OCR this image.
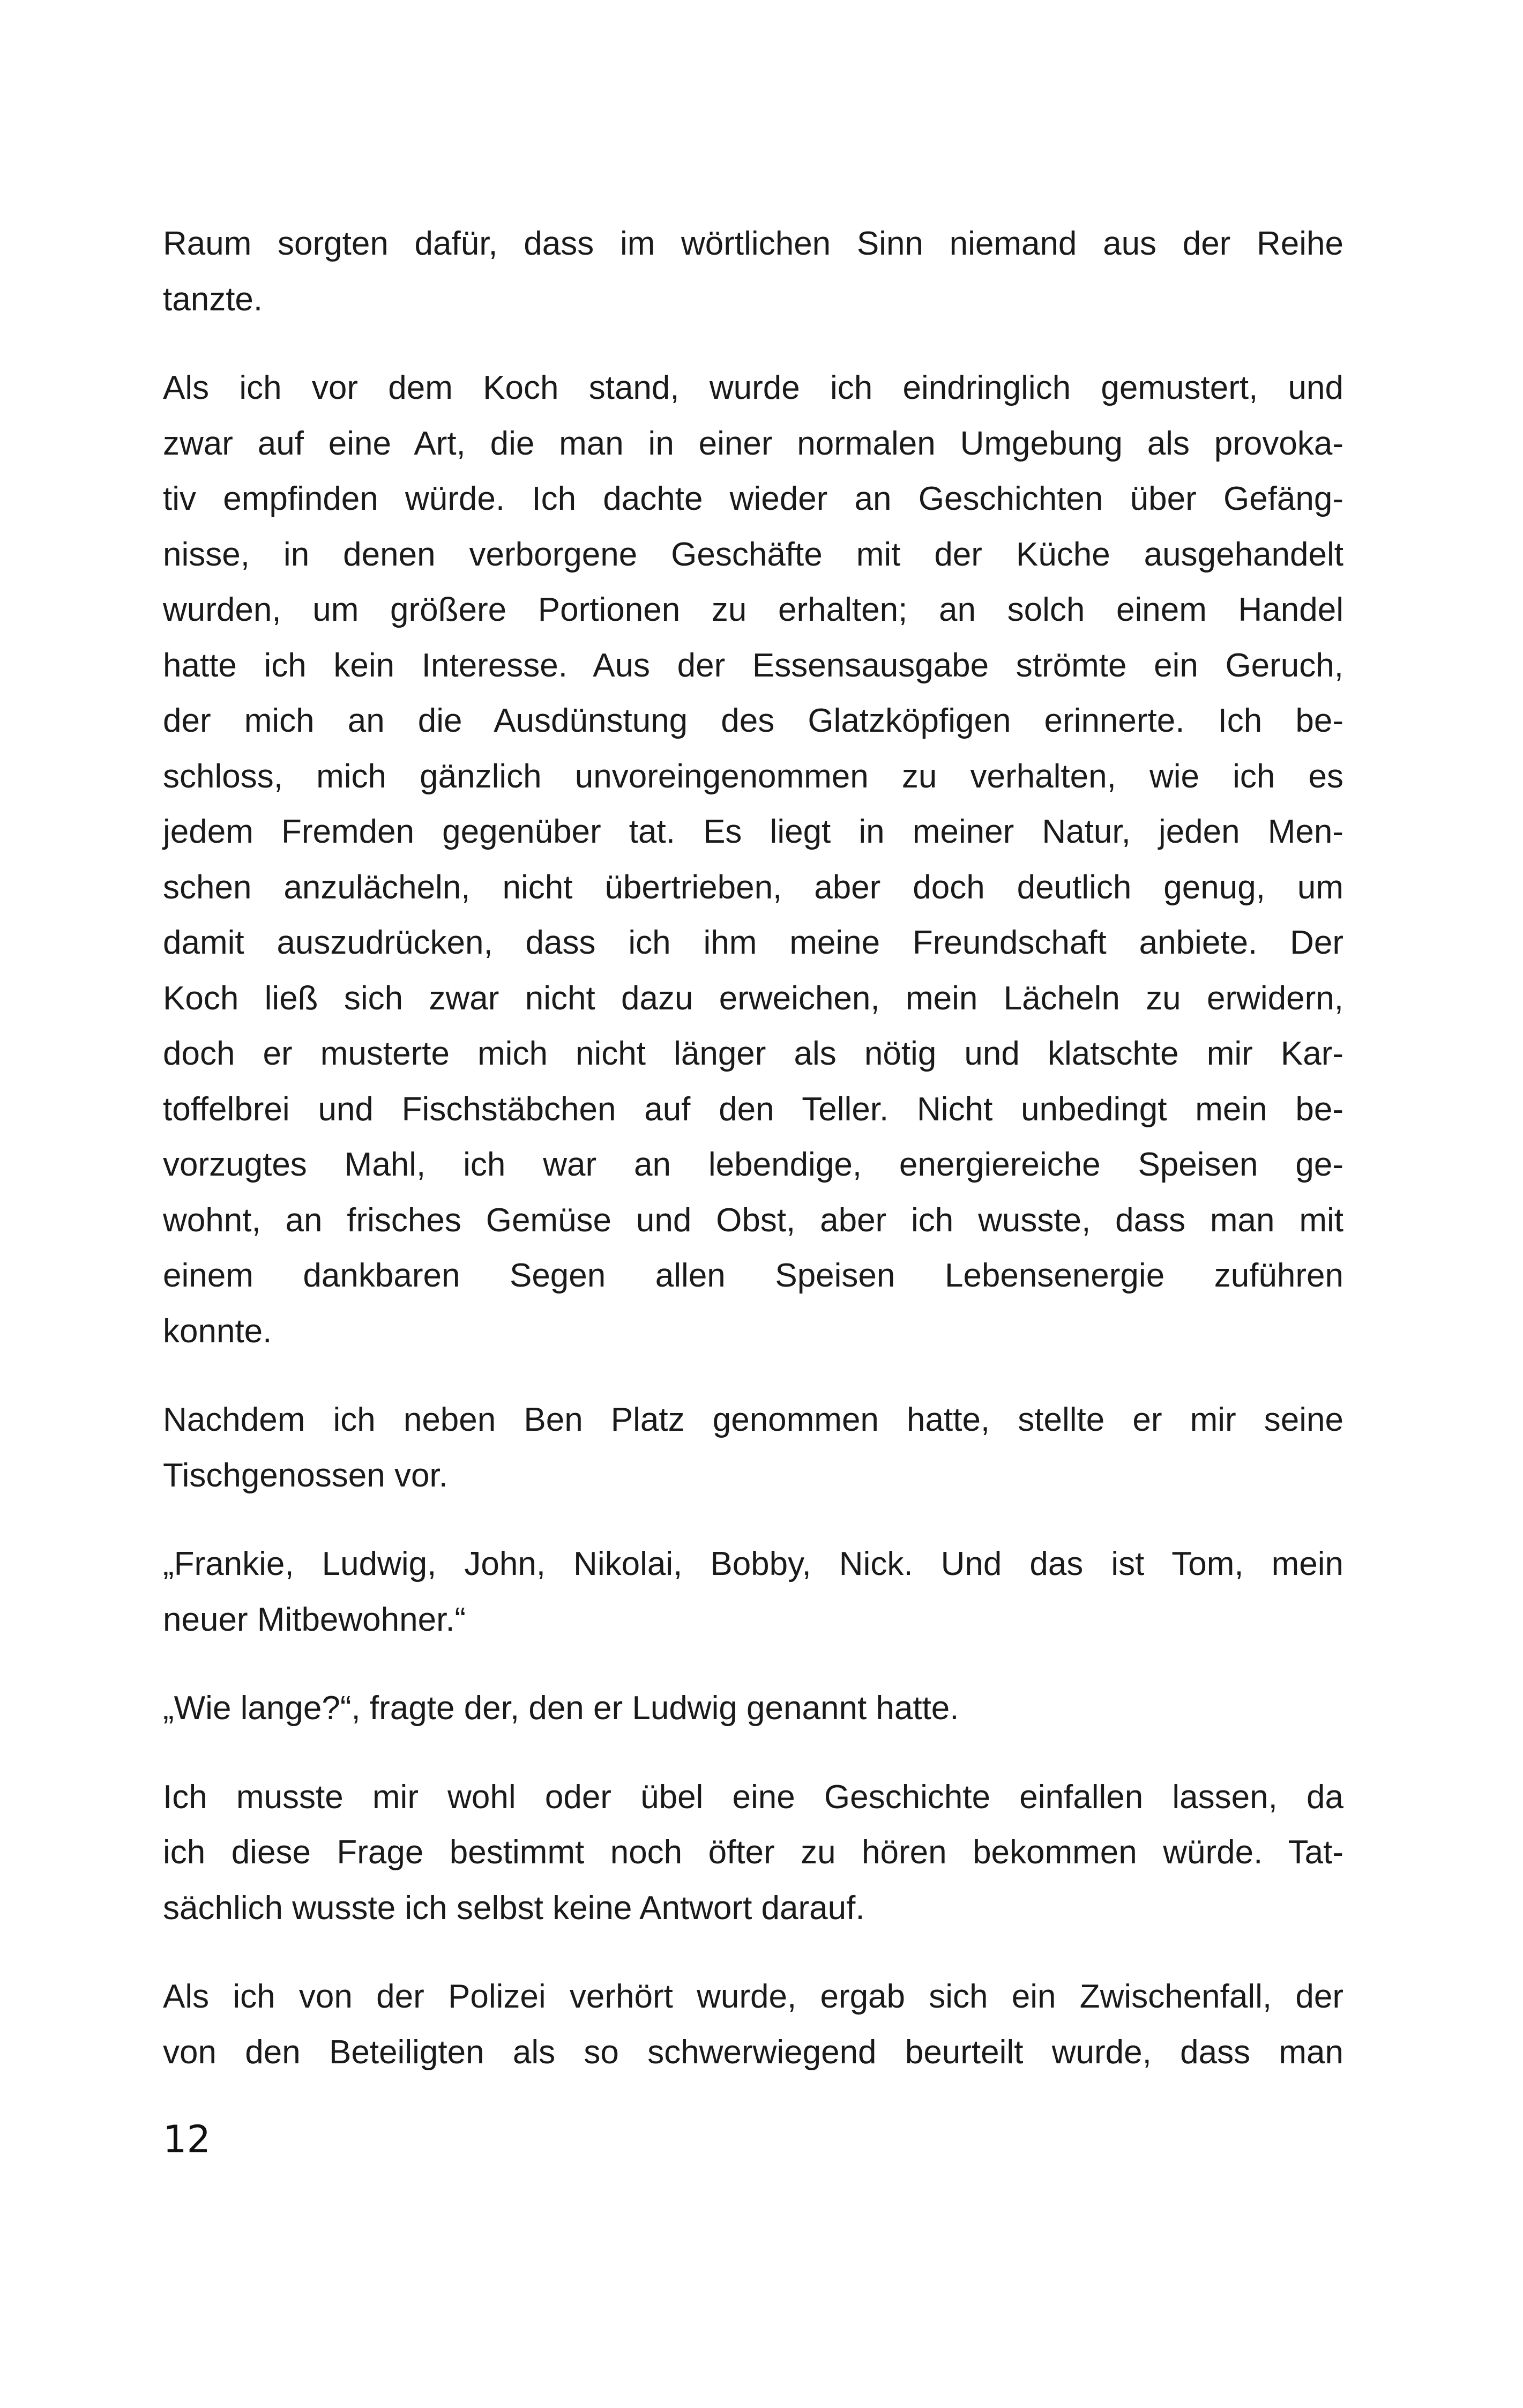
Raum sorgten dafür, dass im wörtlichen Sinn niemand aus der Reihe
tanzte.
Als ich vor dem Koch stand, wurde ich eindringlich gemustert, und
zwar auf eine Art, die man in einer normalen Umgebung als provoka-
tiv empfinden würde. Ich dachte wieder an Geschichten über Gefäng-
nisse, in denen verborgene Geschäfte mit der Küche ausgehandelt
wurden, um größere Portionen zu erhalten; an solch einem Handel
hatte ich kein Interesse. Aus der Essensausgabe strömte ein Geruch,
der mich an die Ausdünstung des Glatzköpfigen erinnerte. Ich be-
schloss, mich gänzlich unvoreingenommen zu verhalten, wie ich es
jedem Fremden gegenüber tat. Es liegt in meiner Natur, jeden Men-
schen anzulächeln, nicht übertrieben, aber doch deutlich genug, um
damit auszudrücken, dass ich ihm meine Freundschaft anbiete. Der
Koch ließ sich zwar nicht dazu erweichen, mein Lächeln zu erwidern,
doch er musterte mich nicht länger als nötig und klatschte mir Kar-
toffelbrei und Fischstäbchen auf den Teller. Nicht unbedingt mein be-
vorzugtes Mahl, ich war an lebendige, energiereiche Speisen ge-
wohnt, an frisches Gemüse und Obst, aber ich wusste, dass man mit
einem dankbaren Segen allen Speisen Lebensenergie zuführen
konnte.
Nachdem ich neben Ben Platz genommen hatte, stellte er mir seine
Tischgenossen vor.
„Frankie, Ludwig, John, Nikolai, Bobby, Nick. Und das ist Tom, mein
neuer Mitbewohner.“
„Wie lange?“, fragte der, den er Ludwig genannt hatte.
Ich musste mir wohl oder übel eine Geschichte einfallen lassen, da
ich diese Frage bestimmt noch öfter zu hören bekommen würde. Tat-
sächlich wusste ich selbst keine Antwort darauf.
Als ich von der Polizei verhört wurde, ergab sich ein Zwischenfall, der
von den Beteiligten als so schwerwiegend beurteilt wurde, dass man
12
